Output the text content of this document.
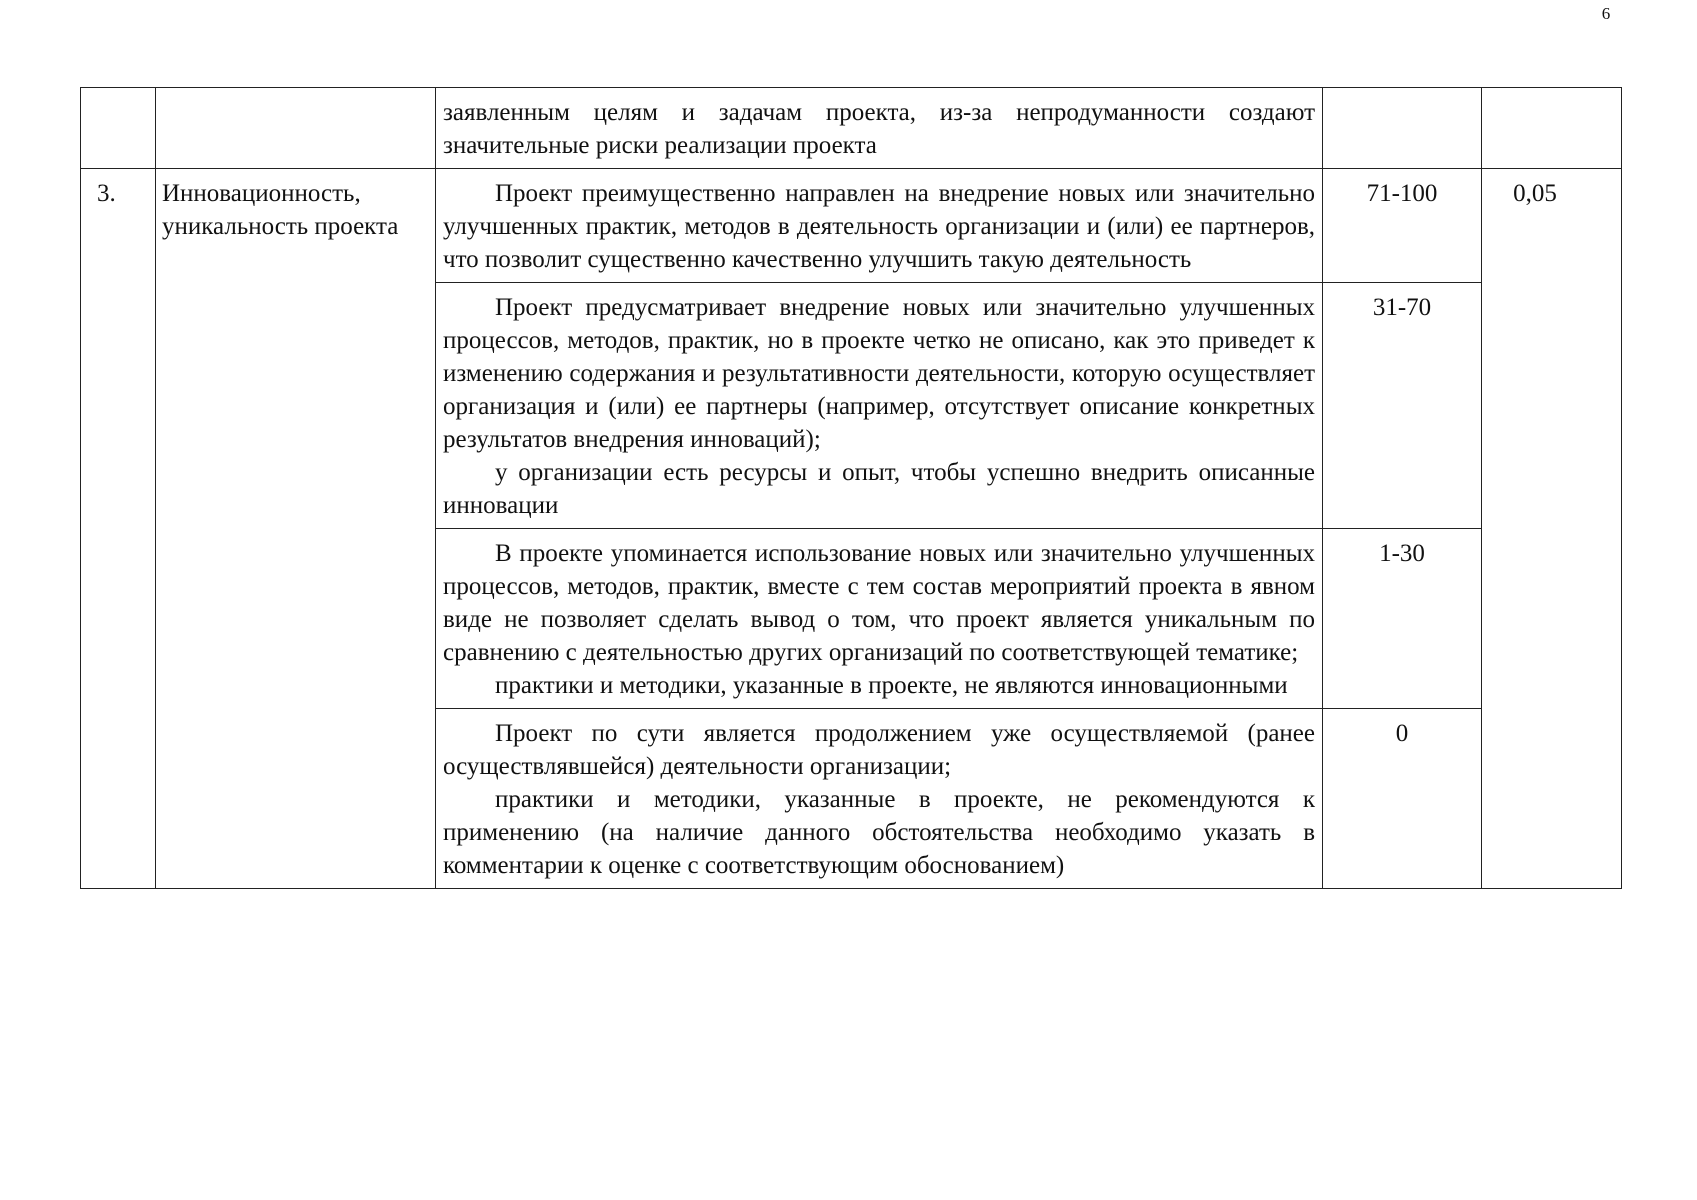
6

		заявленным целям и задачам проекта, из-за непродуманности создают значительные риски реализации проекта		

3.	Инновационность, уникальность проекта	Проект преимущественно направлен на внедрение новых или значительно улучшенных практик, методов в деятельность организации и (или) ее партнеров, что позволит существенно качественно улучшить такую деятельность	71-100	0,05

		Проект предусматривает внедрение новых или значительно улучшенных процессов, методов, практик, но в проекте четко не описано, как это приведет к изменению содержания и результативности деятельности, которую осуществляет организация и (или) ее партнеры (например, отсутствует описание конкретных результатов внедрения инноваций);

у организации есть ресурсы и опыт, чтобы успешно внедрить описанные инновации	31-70	

		В проекте упоминается использование новых или значительно улучшенных процессов, методов, практик, вместе с тем состав мероприятий проекта в явном виде не позволяет сделать вывод о том, что проект является уникальным по сравнению с деятельностью других организаций по соответствующей тематике;

практики и методики, указанные в проекте, не являются инновационными	1-30	

		Проект по сути является продолжением уже осуществляемой (ранее осуществлявшейся) деятельности организации;

практики и методики, указанные в проекте, не рекомендуются к применению (на наличие данного обстоятельства необходимо указать в комментарии к оценке с соответствующим обоснованием)	0	
